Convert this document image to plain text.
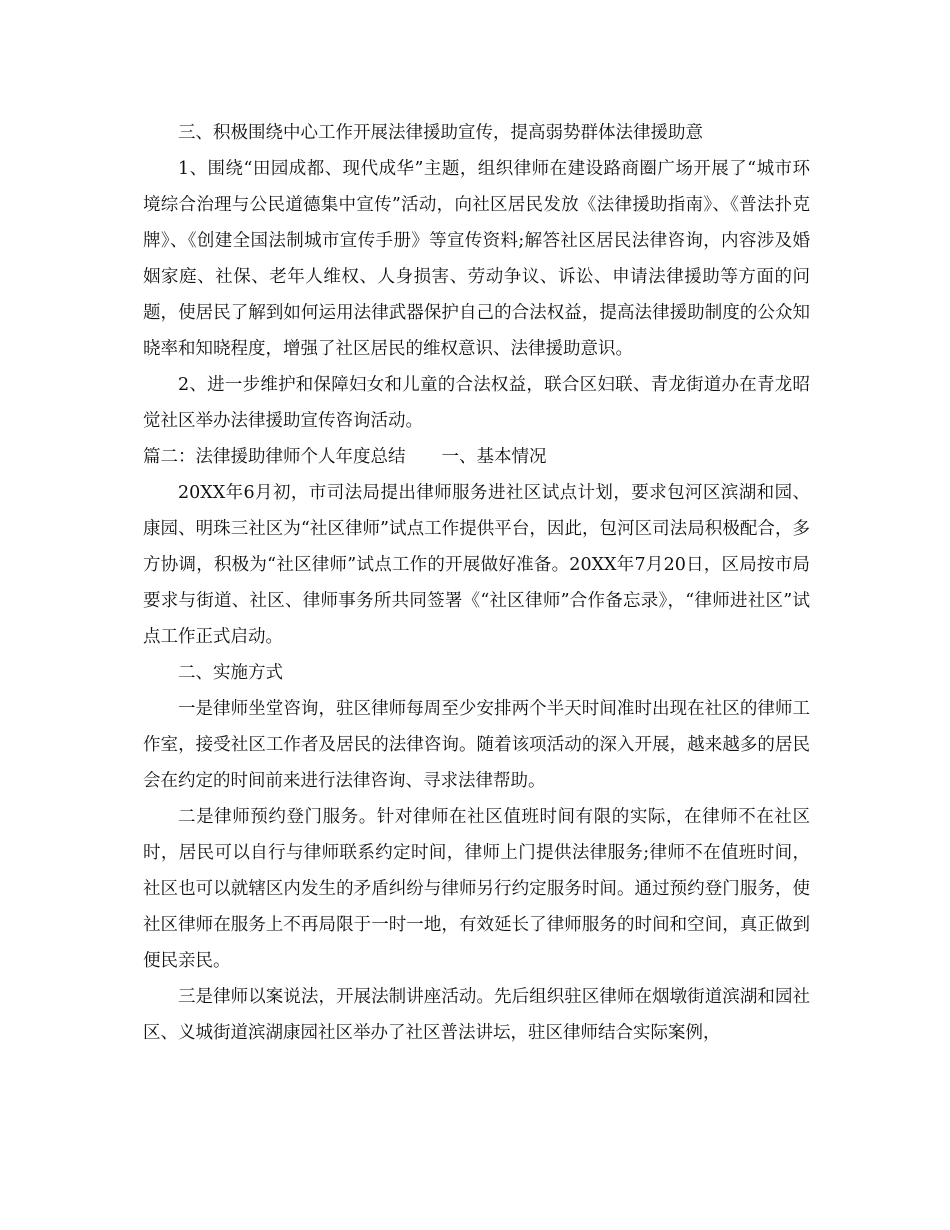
三、积极围绕中心工作开展法律援助宣传，提高弱势群体法律援助意

1、围绕“田园成都、现代成华”主题，组织律师在建设路商圈广场开展了“城市环境综合治理与公民道德集中宣传”活动，向社区居民发放《法律援助指南》、《普法扑克牌》、《创建全国法制城市宣传手册》等宣传资料;解答社区居民法律咨询，内容涉及婚姻家庭、社保、老年人维权、人身损害、劳动争议、诉讼、申请法律援助等方面的问题，使居民了解到如何运用法律武器保护自己的合法权益，提高法律援助制度的公众知晓率和知晓程度，增强了社区居民的维权意识、法律援助意识。

2、进一步维护和保障妇女和儿童的合法权益，联合区妇联、青龙街道办在青龙昭觉社区举办法律援助宣传咨询活动。

篇二：法律援助律师个人年度总结 一、基本情况

20XX年6月初，市司法局提出律师服务进社区试点计划，要求包河区滨湖和园、康园、明珠三社区为“社区律师”试点工作提供平台，因此，包河区司法局积极配合，多方协调，积极为“社区律师”试点工作的开展做好准备。20XX年7月20日，区局按市局要求与街道、社区、律师事务所共同签署《“社区律师”合作备忘录》，“律师进社区”试点工作正式启动。

二、实施方式

一是律师坐堂咨询，驻区律师每周至少安排两个半天时间准时出现在社区的律师工作室，接受社区工作者及居民的法律咨询。随着该项活动的深入开展，越来越多的居民会在约定的时间前来进行法律咨询、寻求法律帮助。

二是律师预约登门服务。针对律师在社区值班时间有限的实际，在律师不在社区时，居民可以自行与律师联系约定时间，律师上门提供法律服务;律师不在值班时间，社区也可以就辖区内发生的矛盾纠纷与律师另行约定服务时间。通过预约登门服务，使社区律师在服务上不再局限于一时一地，有效延长了律师服务的时间和空间，真正做到便民亲民。

三是律师以案说法，开展法制讲座活动。先后组织驻区律师在烟墩街道滨湖和园社区、义城街道滨湖康园社区举办了社区普法讲坛，驻区律师结合实际案例，
